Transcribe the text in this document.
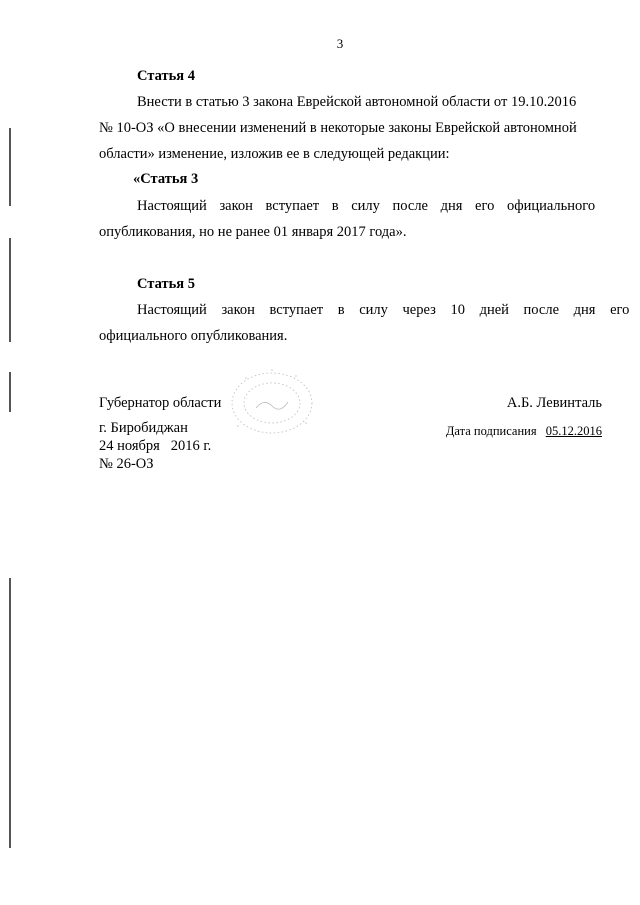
3
Статья 4
Внести в статью 3 закона Еврейской автономной области от 19.10.2016
№ 10-ОЗ «О внесении изменений в некоторые законы Еврейской автономной
области» изменение, изложив ее в следующей редакции:
«Статья 3
Настоящий закон вступает в силу после дня его официального
опубликования, но не ранее 01 января 2017 года».
Статья 5
Настоящий закон вступает в силу через 10 дней после дня его
официального опубликования.
Губернатор области	А.Б. Левинталь
г. Биробиджан
24 ноября   2016 г.
№ 26-ОЗ
Дата подписания 05.12.2016
